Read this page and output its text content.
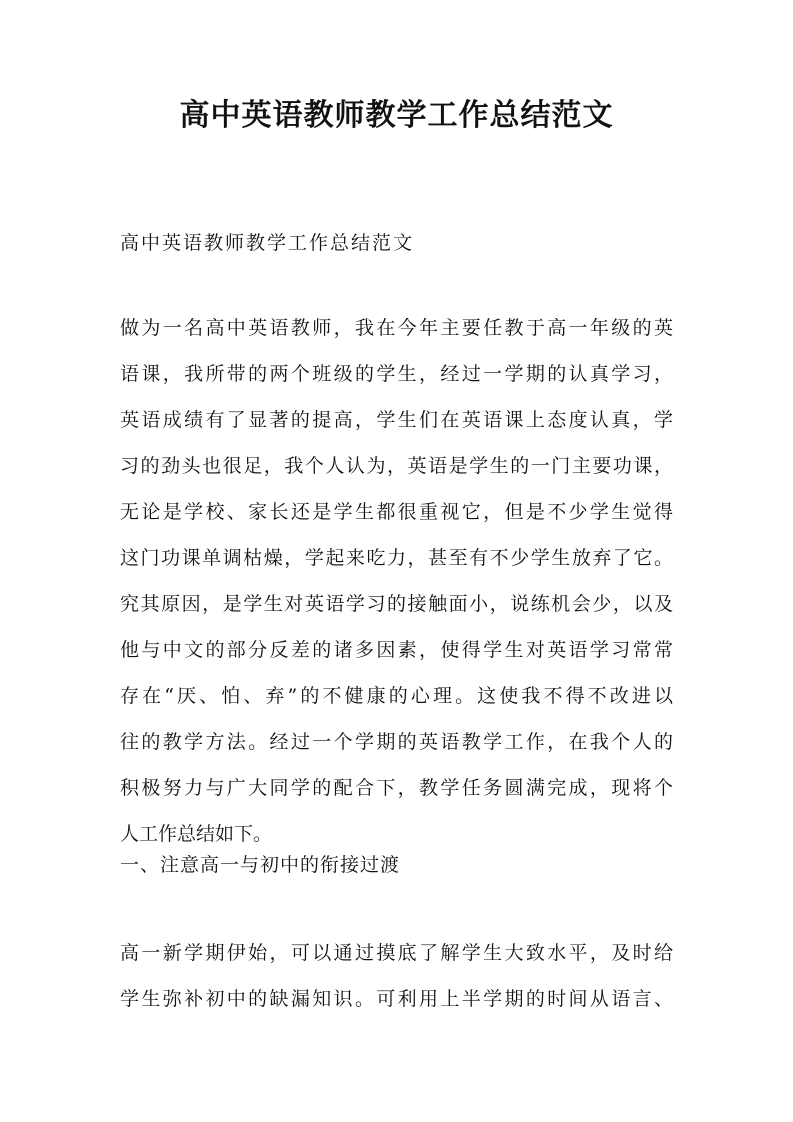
高中英语教师教学工作总结范文
高中英语教师教学工作总结范文
做为一名高中英语教师，我在今年主要任教于高一年级的英
语课，我所带的两个班级的学生，经过一学期的认真学习，
英语成绩有了显著的提高，学生们在英语课上态度认真，学
习的劲头也很足，我个人认为，英语是学生的一门主要功课，
无论是学校、家长还是学生都很重视它，但是不少学生觉得
这门功课单调枯燥，学起来吃力，甚至有不少学生放弃了它。
究其原因，是学生对英语学习的接触面小，说练机会少，以及
他与中文的部分反差的诸多因素，使得学生对英语学习常常
存在“厌、怕、弃”的不健康的心理。这使我不得不改进以
往的教学方法。经过一个学期的英语教学工作，在我个人的
积极努力与广大同学的配合下，教学任务圆满完成，现将个
人工作总结如下。
一、注意高一与初中的衔接过渡
高一新学期伊始，可以通过摸底了解学生大致水平，及时给
学生弥补初中的缺漏知识。可利用上半学期的时间从语言、
